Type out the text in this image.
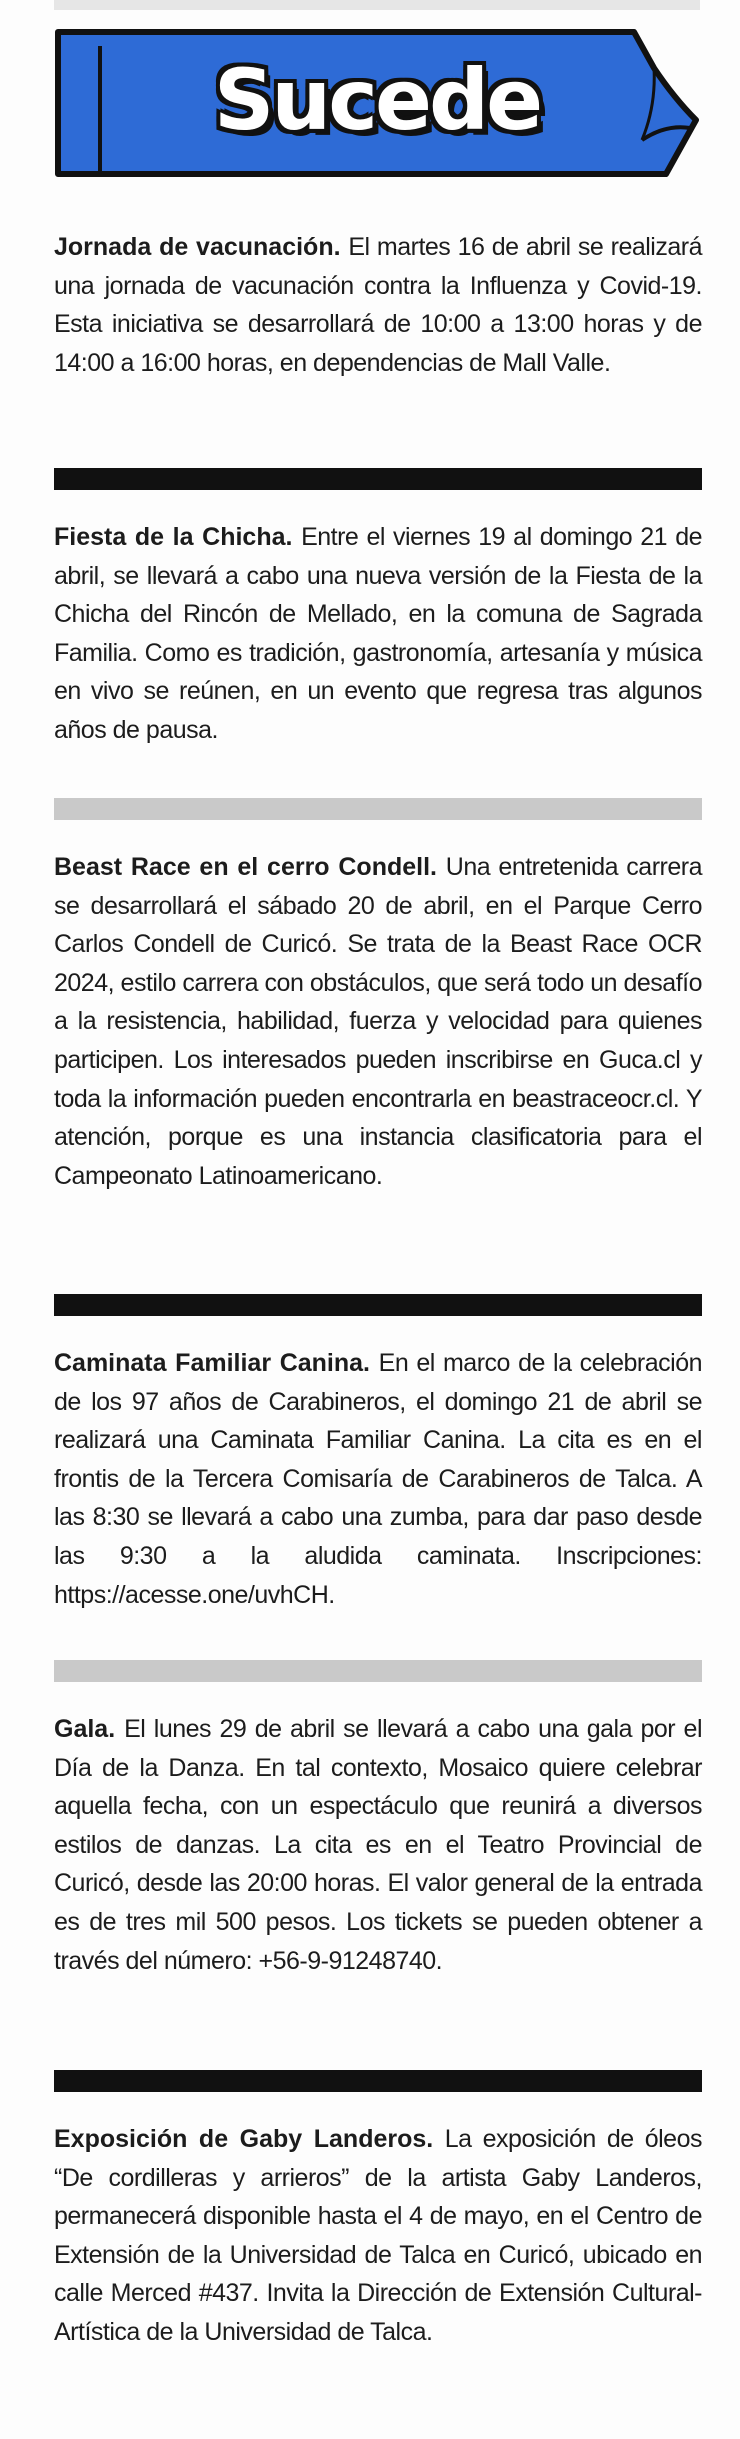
Sucede
Jornada de vacunación. El martes 16 de abril se realizará una jornada de vacunación contra la Influenza y Covid-19. Esta iniciativa se desarrollará de 10:00 a 13:00 horas y de 14:00 a 16:00 horas, en dependencias de Mall Valle.
Fiesta de la Chicha. Entre el viernes 19 al domingo 21 de abril, se llevará a cabo una nueva versión de la Fiesta de la Chicha del Rincón de Mellado, en la comuna de Sagrada Familia. Como es tradición, gastronomía, artesanía y música en vivo se reúnen, en un evento que regresa tras algunos años de pausa.
Beast Race en el cerro Condell. Una entretenida carrera se desarrollará el sábado 20 de abril, en el Parque Cerro Carlos Condell de Curicó. Se trata de la Beast Race OCR 2024, estilo carrera con obstáculos, que será todo un desafío a la resistencia, habilidad, fuerza y velocidad para quienes participen. Los interesados pueden inscribirse en Guca.cl y toda la información pueden encontrarla en beastraceocr.cl. Y atención, porque es una instancia clasificatoria para el Campeonato Latinoamericano.
Caminata Familiar Canina. En el marco de la celebración de los 97 años de Carabineros, el domingo 21 de abril se realizará una Caminata Familiar Canina. La cita es en el frontis de la Tercera Comisaría de Carabineros de Talca. A las 8:30 se llevará a cabo una zumba, para dar paso desde las 9:30 a la aludida caminata. Inscripciones: https://acesse.one/uvhCH.
Gala. El lunes 29 de abril se llevará a cabo una gala por el Día de la Danza. En tal contexto, Mosaico quiere celebrar aquella fecha, con un espectáculo que reunirá a diversos estilos de danzas. La cita es en el Teatro Provincial de Curicó, desde las 20:00 horas. El valor general de la entrada es de tres mil 500 pesos. Los tickets se pueden obtener a través del número: +56-9-91248740.
Exposición de Gaby Landeros. La exposición de óleos “De cordilleras y arrieros” de la artista Gaby Landeros, permanecerá disponible hasta el 4 de mayo, en el Centro de Extensión de la Universidad de Talca en Curicó, ubicado en calle Merced #437. Invita la Dirección de Extensión Cultural-Artística de la Universidad de Talca.
